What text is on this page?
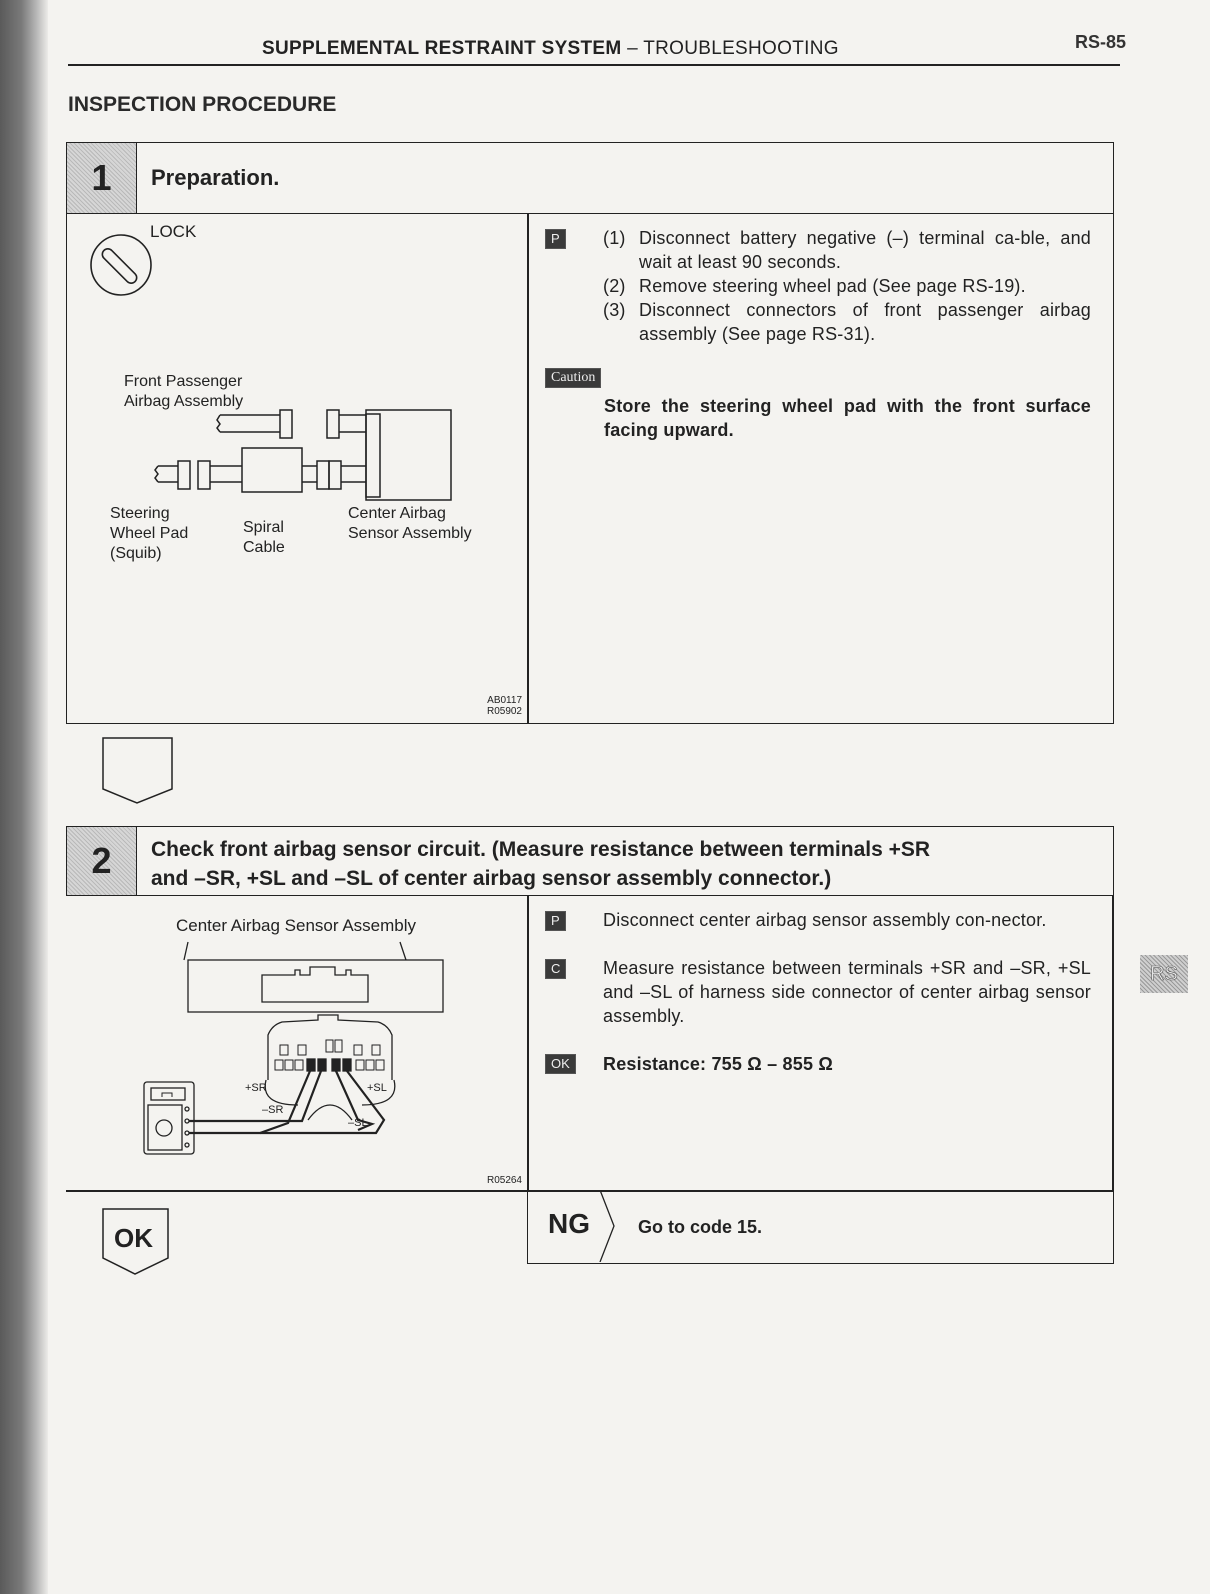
SUPPLEMENTAL RESTRAINT SYSTEM – TROUBLESHOOTING	RS-85
INSPECTION PROCEDURE
RS
1	Preparation.
LOCK
Front Passenger
Airbag Assembly
Steering
Wheel Pad
(Squib)
Spiral
Cable
Center Airbag
Sensor Assembly
AB0117
R05902
P	(1) Disconnect battery negative (–) terminal ca-ble, and wait at least 90 seconds.
(2) Remove steering wheel pad (See page RS-19).
(3) Disconnect connectors of front passenger airbag assembly (See page RS-31).
Caution
Store the steering wheel pad with the front surface facing upward.
2	Check front airbag sensor circuit. (Measure resistance between terminals +SR
and –SR, +SL and –SL of center airbag sensor assembly connector.)
Center Airbag Sensor Assembly
+SR
–SR
+SL
–SL
R05264
P	Disconnect center airbag sensor assembly con-nector.
C	Measure resistance between terminals +SR and –SR, +SL and –SL of harness side connector of center airbag sensor assembly.
OK	Resistance: 755 Ω – 855 Ω
OK	NG	Go to code 15.
